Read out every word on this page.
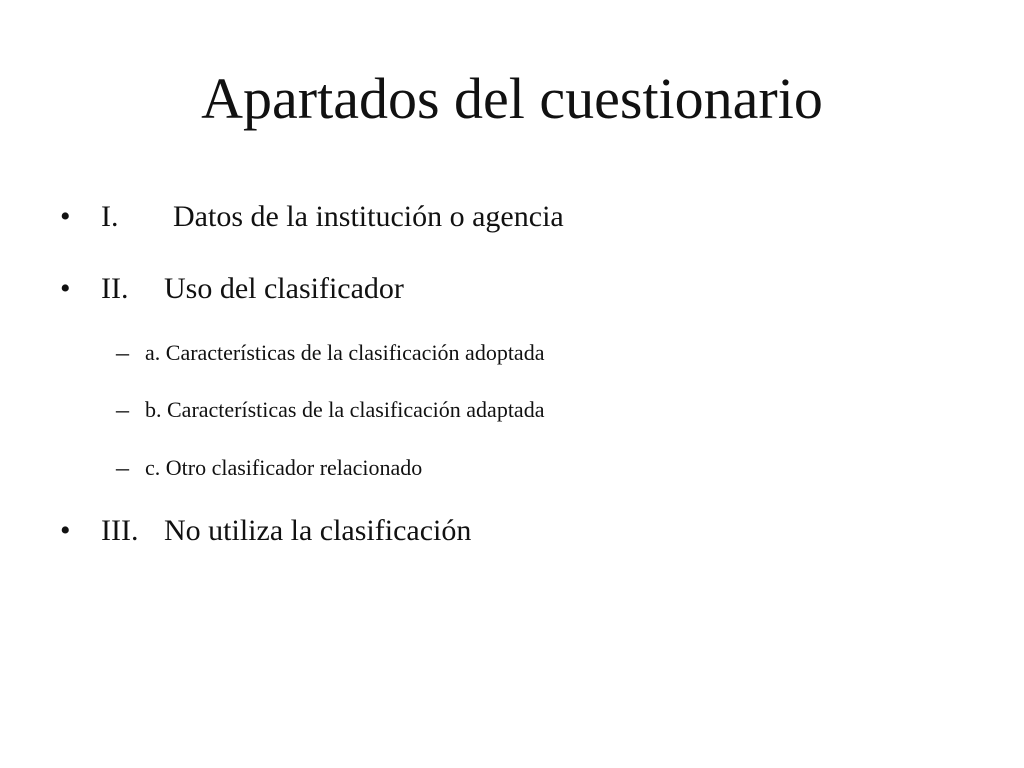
Apartados del cuestionario
• I. Datos de la institución o agencia
• II. Uso del clasificador
– a. Características de la clasificación adoptada
– b. Características de la clasificación adaptada
– c. Otro clasificador relacionado
• III. No utiliza la clasificación
